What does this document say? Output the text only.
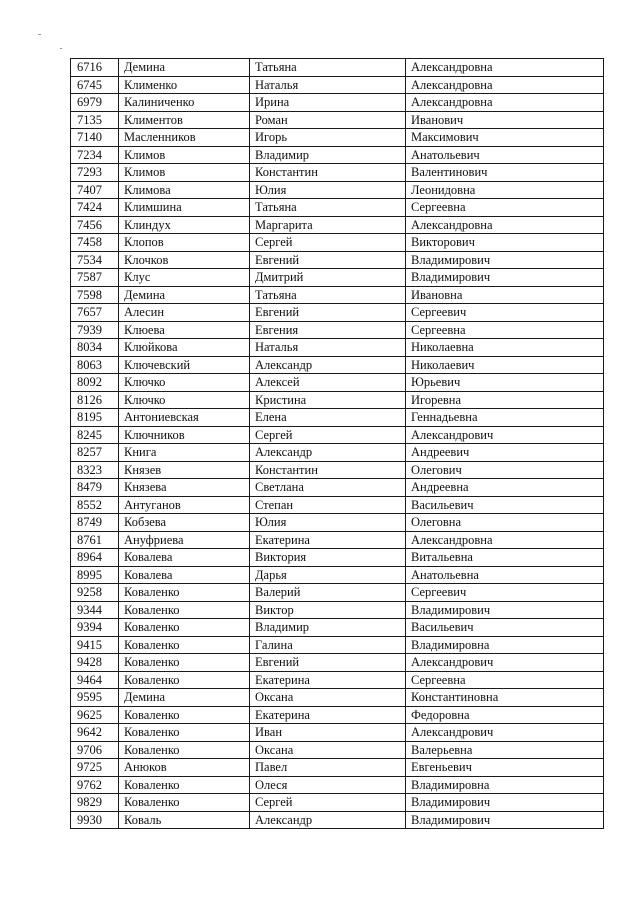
6716	Демина	Татьяна	Александровна
6745	Клименко	Наталья	Александровна
6979	Калиниченко	Ирина	Александровна
7135	Климентов	Роман	Иванович
7140	Масленников	Игорь	Максимович
7234	Климов	Владимир	Анатольевич
7293	Климов	Константин	Валентинович
7407	Климова	Юлия	Леонидовна
7424	Климшина	Татьяна	Сергеевна
7456	Клиндух	Маргарита	Александровна
7458	Клопов	Сергей	Викторович
7534	Клочков	Евгений	Владимирович
7587	Клус	Дмитрий	Владимирович
7598	Демина	Татьяна	Ивановна
7657	Алесин	Евгений	Сергеевич
7939	Клюева	Евгения	Сергеевна
8034	Клюйкова	Наталья	Николаевна
8063	Ключевский	Александр	Николаевич
8092	Ключко	Алексей	Юрьевич
8126	Ключко	Кристина	Игоревна
8195	Антониевская	Елена	Геннадьевна
8245	Ключников	Сергей	Александрович
8257	Книга	Александр	Андреевич
8323	Князев	Константин	Олегович
8479	Князева	Светлана	Андреевна
8552	Антуганов	Степан	Васильевич
8749	Кобзева	Юлия	Олеговна
8761	Ануфриева	Екатерина	Александровна
8964	Ковалева	Виктория	Витальевна
8995	Ковалева	Дарья	Анатольевна
9258	Коваленко	Валерий	Сергеевич
9344	Коваленко	Виктор	Владимирович
9394	Коваленко	Владимир	Васильевич
9415	Коваленко	Галина	Владимировна
9428	Коваленко	Евгений	Александрович
9464	Коваленко	Екатерина	Сергеевна
9595	Демина	Оксана	Константиновна
9625	Коваленко	Екатерина	Федоровна
9642	Коваленко	Иван	Александрович
9706	Коваленко	Оксана	Валерьевна
9725	Анюков	Павел	Евгеньевич
9762	Коваленко	Олеся	Владимировна
9829	Коваленко	Сергей	Владимирович
9930	Коваль	Александр	Владимирович
